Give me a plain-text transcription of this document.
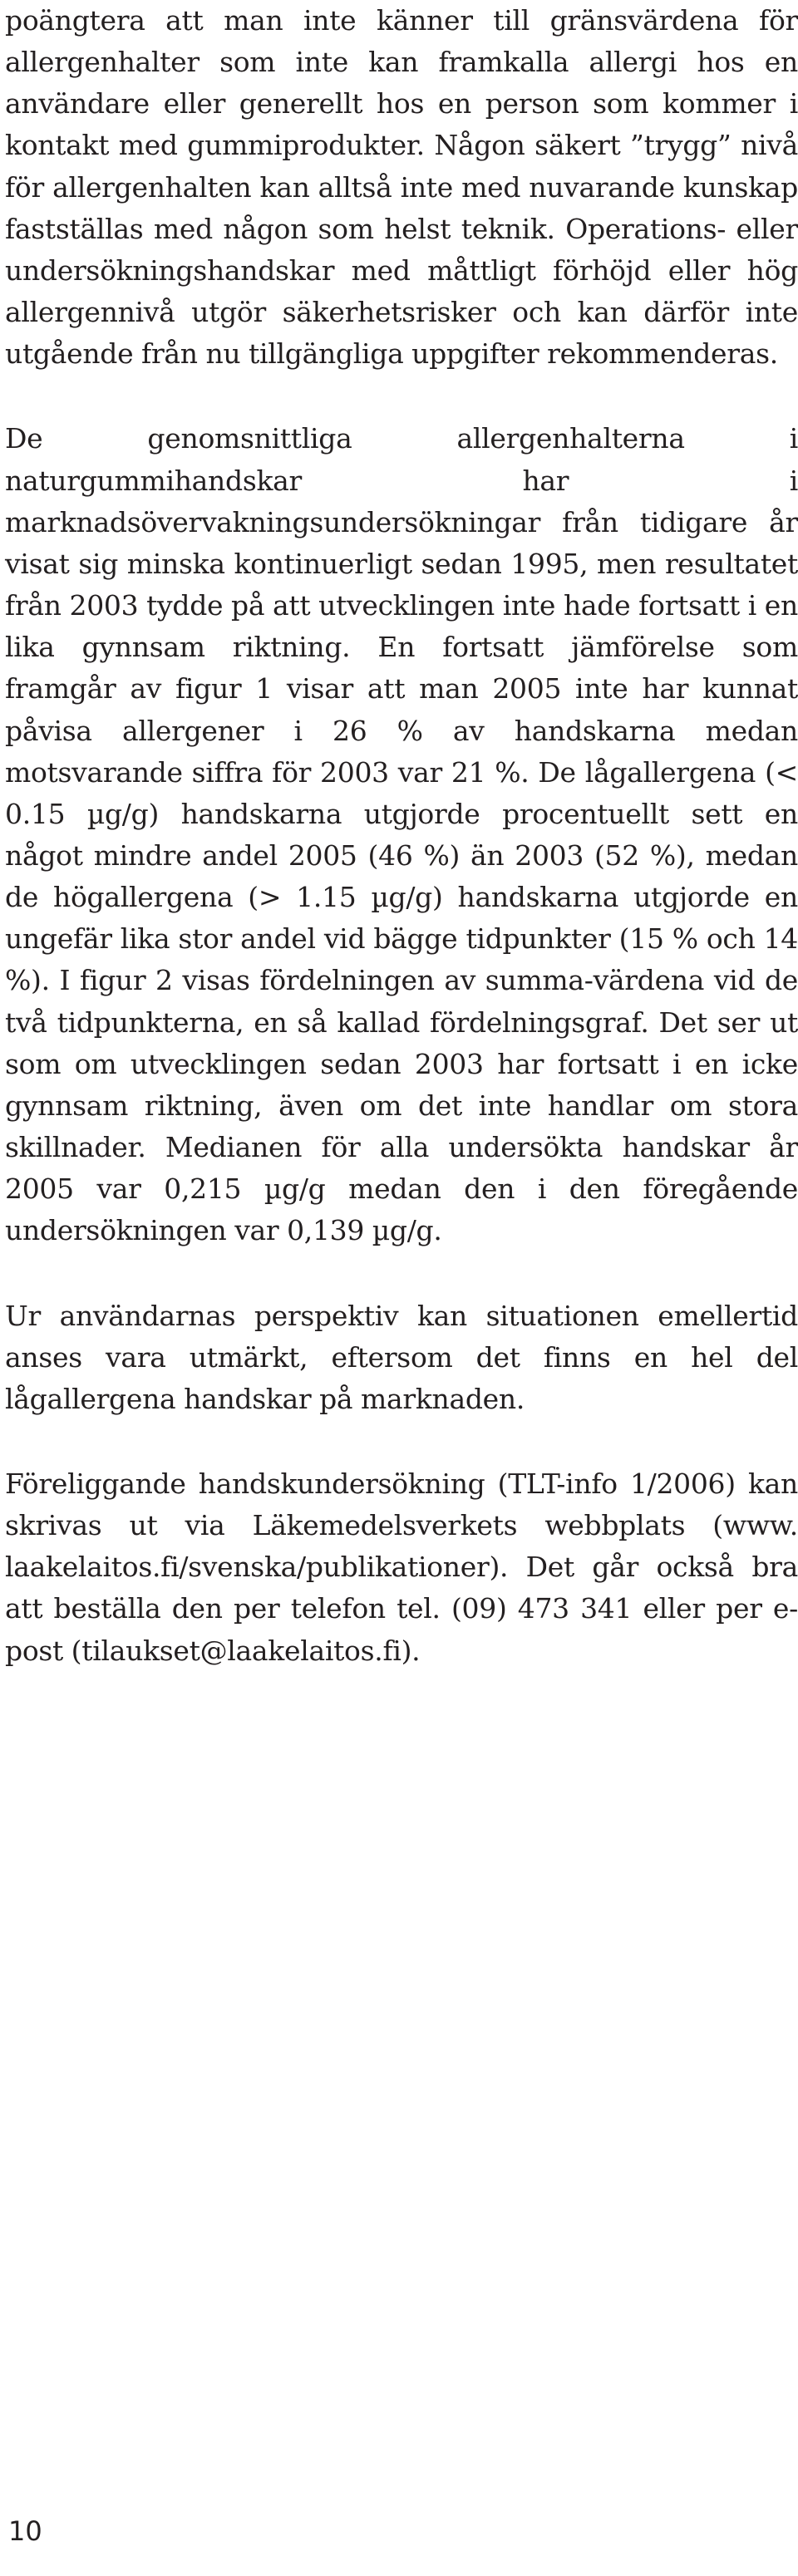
poängtera att man inte känner till gränsvärdena för allergenhalter som inte kan framkalla allergi hos en användare eller generellt hos en person som kommer i kontakt med gummiprodukter. Någon säkert ”trygg” nivå för allergenhalten kan alltså inte med nuvarande kunskap fastställas med någon som helst teknik. Operations- eller undersökningshandskar med måttligt förhöjd eller hög allergennivå utgör säkerhetsrisker och kan därför inte utgående från nu tillgängliga uppgifter rekommenderas.

De genomsnittliga allergenhalterna i naturgummihandskar har i marknadsövervakningsundersökningar från tidigare år visat sig minska kontinuerligt sedan 1995, men resultatet från 2003 tydde på att utvecklingen inte hade fortsatt i en lika gynnsam riktning. En fortsatt jämförelse som framgår av figur 1 visar att man 2005 inte har kunnat påvisa allergener i 26 % av handskarna medan motsvarande siffra för 2003 var 21 %. De lågallergena (< 0.15 µg/g) handskarna utgjorde procentuellt sett en något mindre andel 2005 (46 %) än 2003 (52 %), medan de högallergena (> 1.15 µg/g) handskarna utgjorde en ungefär lika stor andel vid bägge tidpunkter (15 % och 14 %). I figur 2 visas fördelningen av summa-värdena vid de två tidpunkterna, en så kallad fördelningsgraf. Det ser ut som om utvecklingen sedan 2003 har fortsatt i en icke gynnsam riktning, även om det inte handlar om stora skillnader. Medianen för alla undersökta handskar år 2005 var 0,215 µg/g medan den i den föregående undersökningen var 0,139 µg/g.

Ur användarnas perspektiv kan situationen emellertid anses vara utmärkt, eftersom det finns en hel del lågallergena handskar på marknaden.

Föreliggande handskundersökning (TLT-info 1/2006) kan skrivas ut via Läkemedelsverkets webbplats (www. laakelaitos.fi/svenska/publikationer). Det går också bra att beställa den per telefon tel. (09) 473 341 eller per e-post (tilaukset@laakelaitos.fi).

10
